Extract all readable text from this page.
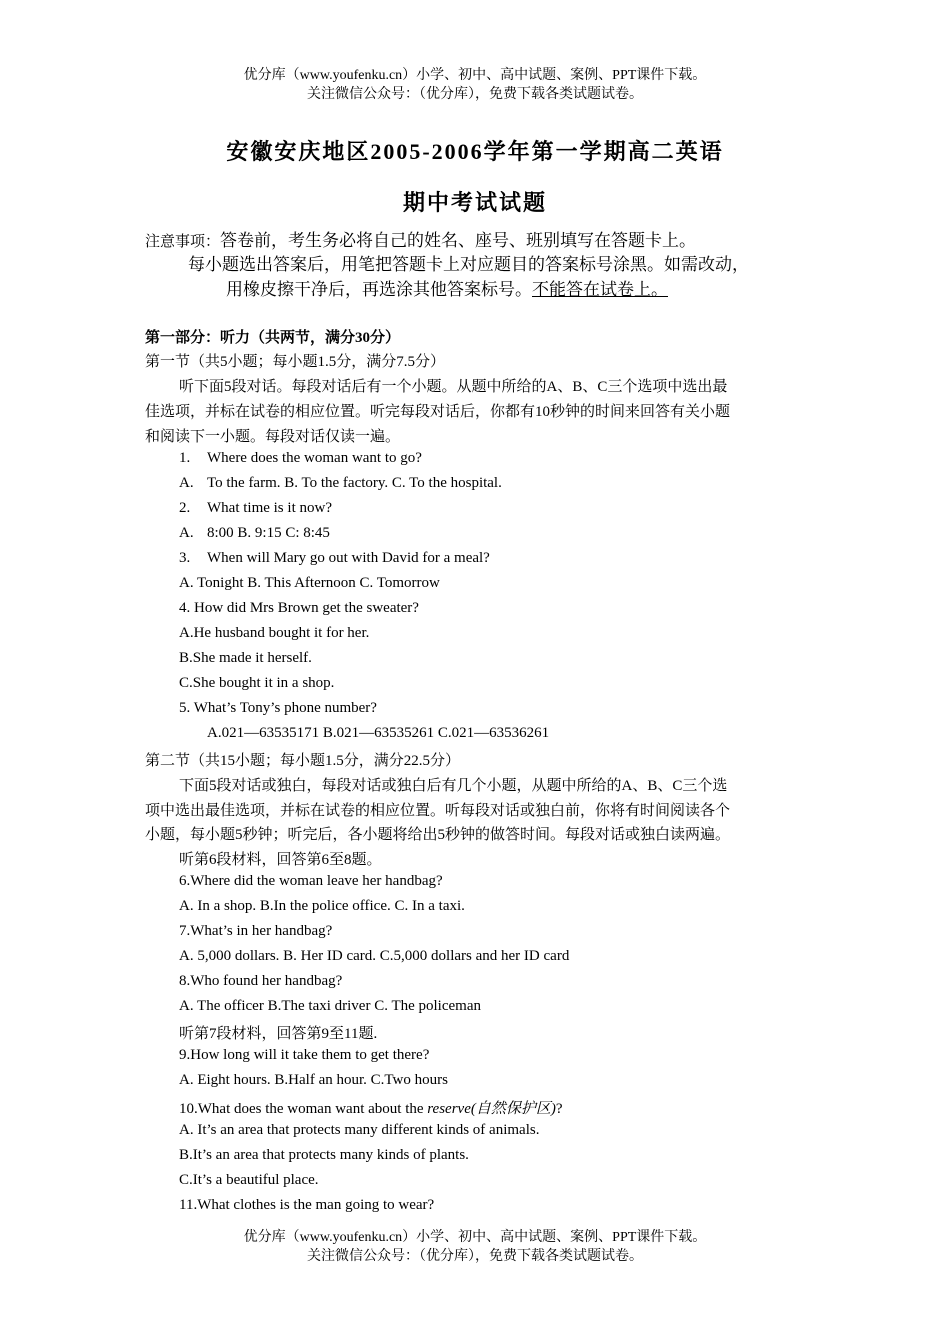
优分库（www.youfenku.cn）小学、初中、高中试题、案例、PPT课件下载。
关注微信公众号：（优分库），免费下载各类试题试卷。
安徽安庆地区2005-2006学年第一学期高二英语
期中考试试题
注意事项：答卷前，考生务必将自己的姓名、座号、班别填写在答题卡上。
每小题选出答案后，用笔把答题卡上对应题目的答案标号涂黑。如需改动，
用橡皮擦干净后，再选涂其他答案标号。不能答在试卷上。
第一部分：听力（共两节，满分30分）
第一节（共5小题；每小题1.5分，满分7.5分）
听下面5段对话。每段对话后有一个小题。从题中所给的A、B、C三个选项中选出最
佳选项，并标在试卷的相应位置。听完每段对话后，你都有10秒钟的时间来回答有关小题
和阅读下一小题。每段对话仅读一遍。
1. Where does the woman want to go?
A. To the farm. B. To the factory. C. To the hospital.
2. What time is it now?
A. 8:00 B. 9:15 C: 8:45
3. When will Mary go out with David for a meal?
A. Tonight B. This Afternoon C. Tomorrow
4. How did Mrs Brown get the sweater?
A.He husband bought it for her.
B.She made it herself.
C.She bought it in a shop.
5. What’s Tony’s phone number?
A.021—63535171 B.021—63535261 C.021—63536261
第二节（共15小题；每小题1.5分，满分22.5分）
下面5段对话或独白，每段对话或独白后有几个小题，从题中所给的A、B、C三个选
项中选出最佳选项，并标在试卷的相应位置。听每段对话或独白前，你将有时间阅读各个
小题，每小题5秒钟；听完后，各小题将给出5秒钟的做答时间。每段对话或独白读两遍。
听第6段材料，回答第6至8题。
6.Where did the woman leave her handbag?
A. In a shop. B.In the police office. C. In a taxi.
7.What’s in her handbag?
A. 5,000 dollars. B. Her ID card. C.5,000 dollars and her ID card
8.Who found her handbag?
A. The officer B.The taxi driver C. The policeman
听第7段材料，回答第9至11题.
9.How long will it take them to get there?
A. Eight hours. B.Half an hour. C.Two hours
10.What does the woman want about the reserve(自然保护区)?
A. It’s an area that protects many different kinds of animals.
B.It’s an area that protects many kinds of plants.
C.It’s a beautiful place.
11.What clothes is the man going to wear?
优分库（www.youfenku.cn）小学、初中、高中试题、案例、PPT课件下载。
关注微信公众号：（优分库），免费下载各类试题试卷。
